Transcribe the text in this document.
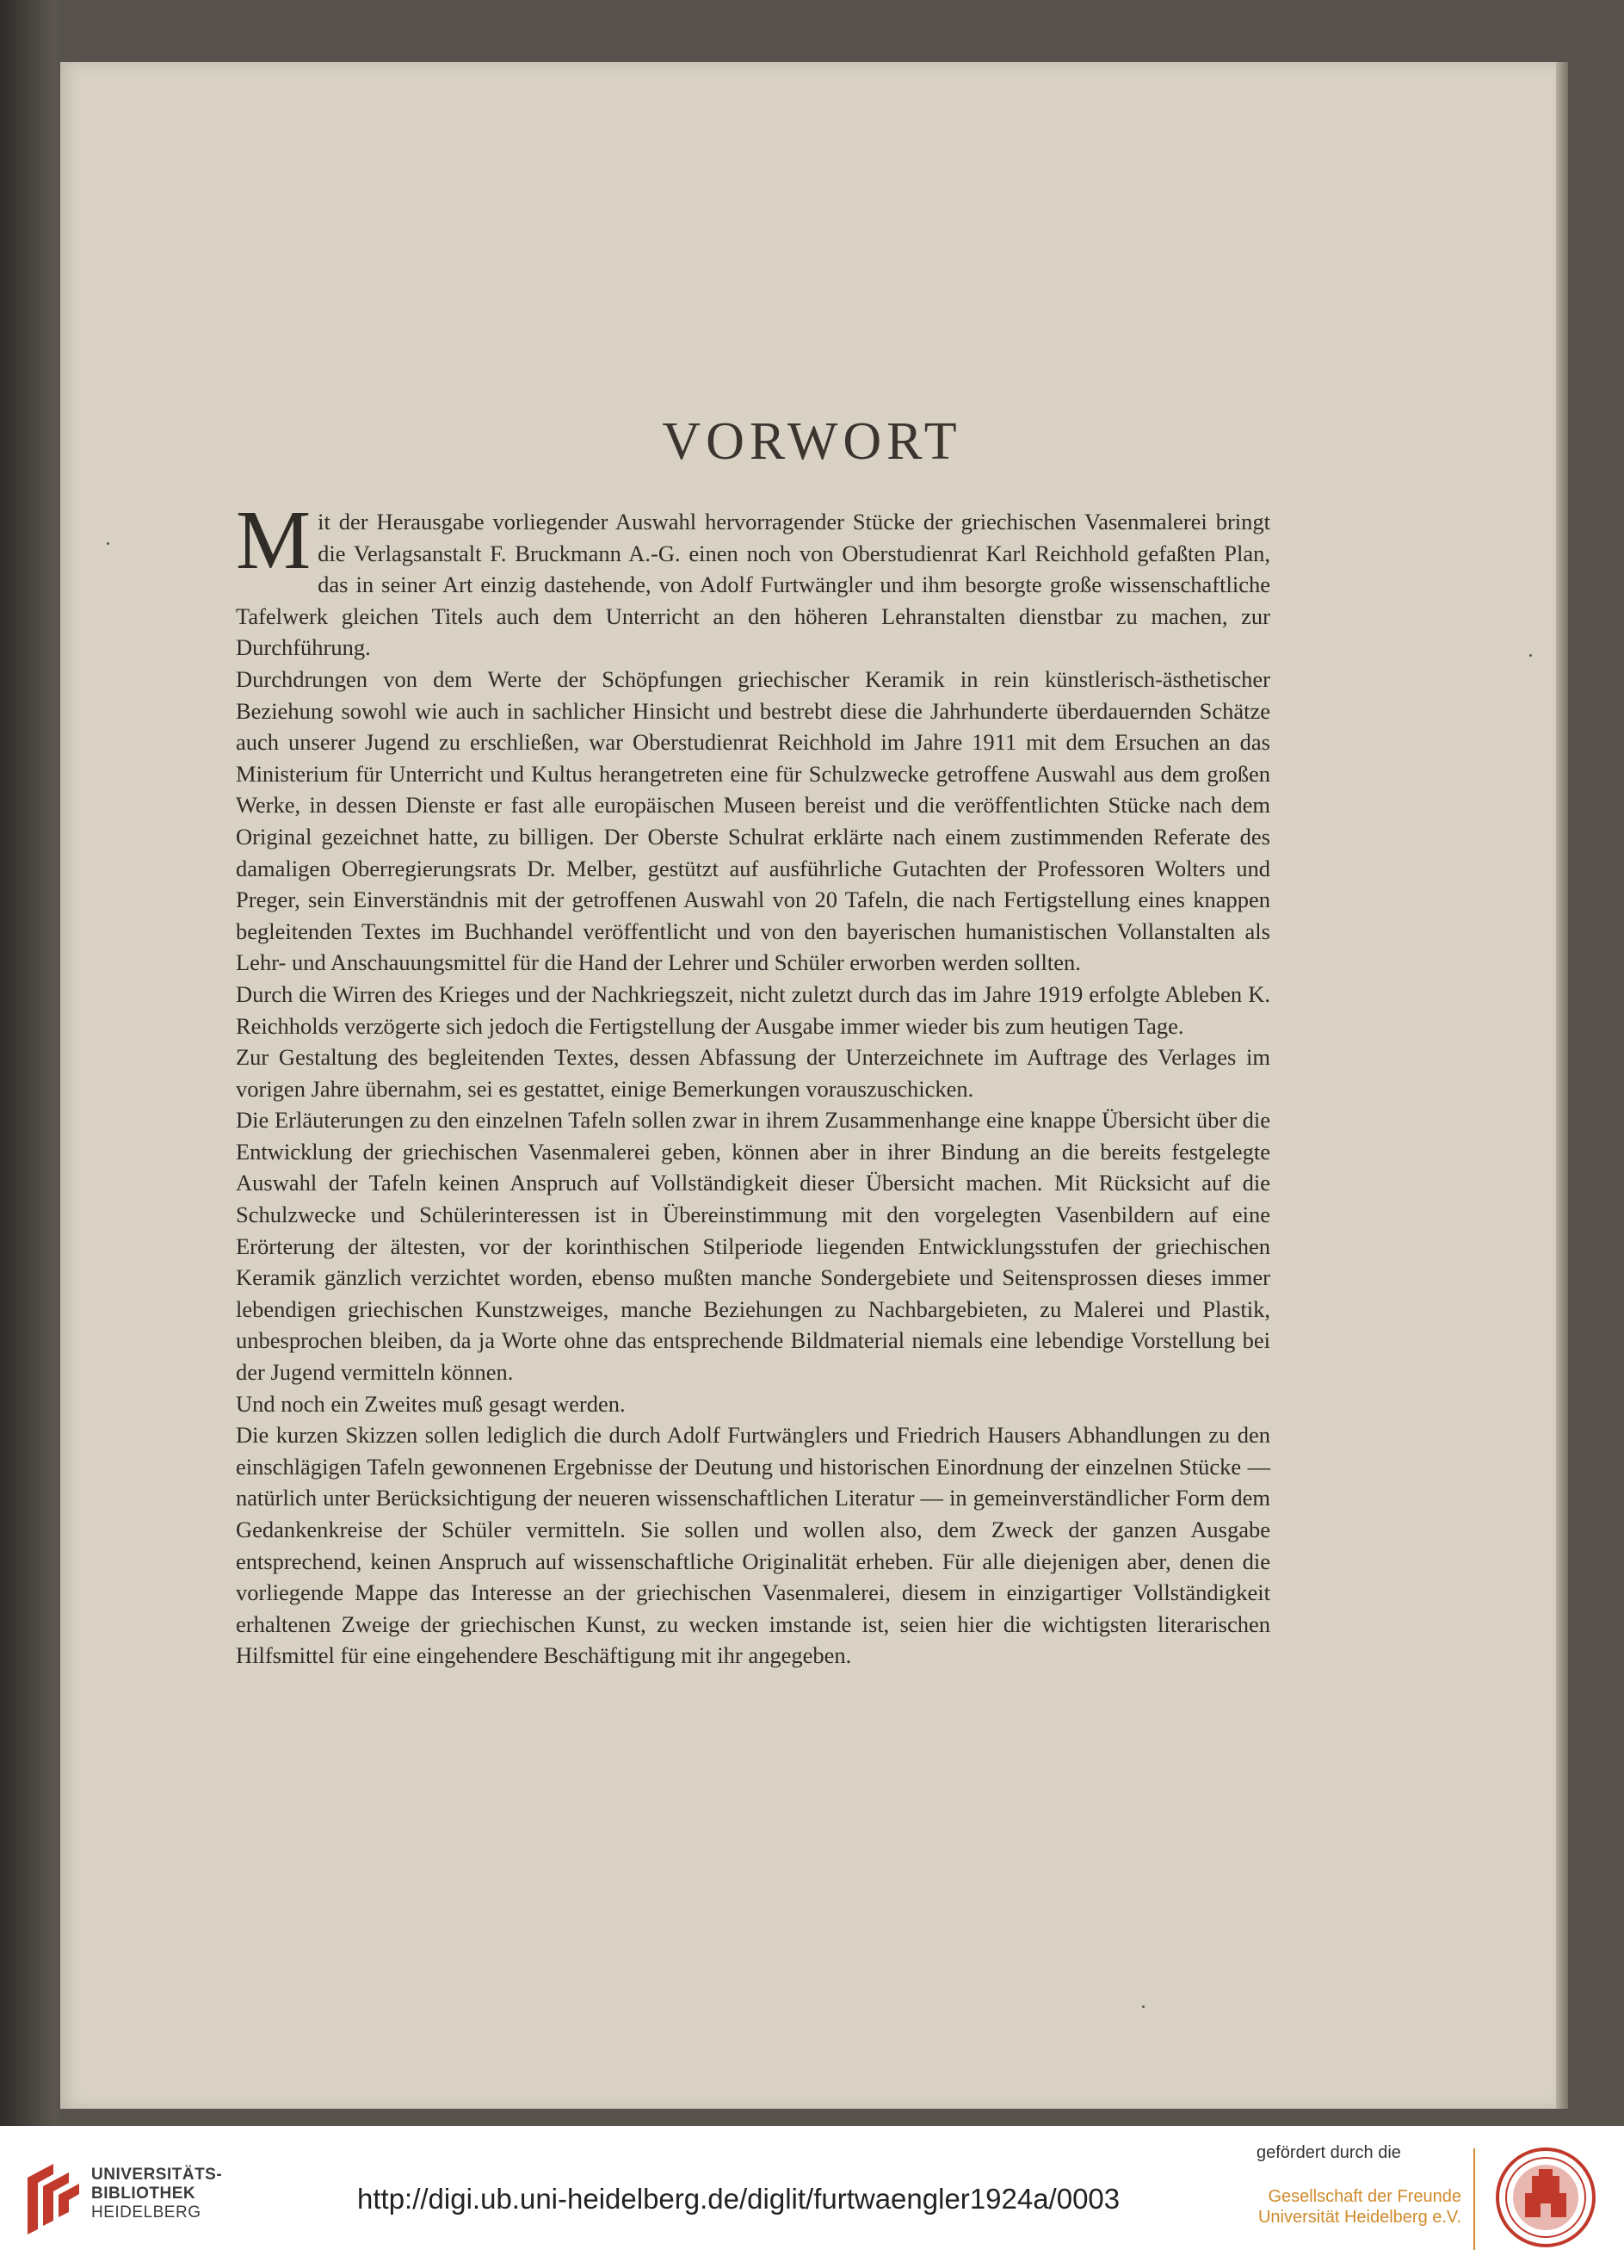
VORWORT

Mit der Herausgabe vorliegender Auswahl hervorragender Stücke der griechischen Vasenmalerei bringt die Verlagsanstalt F. Bruckmann A.-G. einen noch von Oberstudienrat Karl Reichhold gefaßten Plan, das in seiner Art einzig dastehende, von Adolf Furtwängler und ihm besorgte große wissenschaftliche Tafelwerk gleichen Titels auch dem Unterricht an den höheren Lehranstalten dienstbar zu machen, zur Durchführung.

Durchdrungen von dem Werte der Schöpfungen griechischer Keramik in rein künstlerisch-ästhetischer Beziehung sowohl wie auch in sachlicher Hinsicht und bestrebt diese die Jahrhunderte überdauernden Schätze auch unserer Jugend zu erschließen, war Oberstudienrat Reichhold im Jahre 1911 mit dem Ersuchen an das Ministerium für Unterricht und Kultus herangetreten eine für Schulzwecke getroffene Auswahl aus dem großen Werke, in dessen Dienste er fast alle europäischen Museen bereist und die veröffentlichten Stücke nach dem Original gezeichnet hatte, zu billigen. Der Oberste Schulrat erklärte nach einem zustimmenden Referate des damaligen Oberregierungsrats Dr. Melber, gestützt auf ausführliche Gutachten der Professoren Wolters und Preger, sein Einverständnis mit der getroffenen Auswahl von 20 Tafeln, die nach Fertigstellung eines knappen begleitenden Textes im Buchhandel veröffentlicht und von den bayerischen humanistischen Vollanstalten als Lehr- und Anschauungsmittel für die Hand der Lehrer und Schüler erworben werden sollten.

Durch die Wirren des Krieges und der Nachkriegszeit, nicht zuletzt durch das im Jahre 1919 erfolgte Ableben K. Reichholds verzögerte sich jedoch die Fertigstellung der Ausgabe immer wieder bis zum heutigen Tage.

Zur Gestaltung des begleitenden Textes, dessen Abfassung der Unterzeichnete im Auftrage des Verlages im vorigen Jahre übernahm, sei es gestattet, einige Bemerkungen vorauszuschicken.

Die Erläuterungen zu den einzelnen Tafeln sollen zwar in ihrem Zusammenhange eine knappe Übersicht über die Entwicklung der griechischen Vasenmalerei geben, können aber in ihrer Bindung an die bereits festgelegte Auswahl der Tafeln keinen Anspruch auf Vollständigkeit dieser Übersicht machen. Mit Rücksicht auf die Schulzwecke und Schülerinteressen ist in Übereinstimmung mit den vorgelegten Vasenbildern auf eine Erörterung der ältesten, vor der korinthischen Stilperiode liegenden Entwicklungsstufen der griechischen Keramik gänzlich verzichtet worden, ebenso mußten manche Sondergebiete und Seitensprossen dieses immer lebendigen griechischen Kunstzweiges, manche Beziehungen zu Nachbargebieten, zu Malerei und Plastik, unbesprochen bleiben, da ja Worte ohne das entsprechende Bildmaterial niemals eine lebendige Vorstellung bei der Jugend vermitteln können.

Und noch ein Zweites muß gesagt werden.

Die kurzen Skizzen sollen lediglich die durch Adolf Furtwänglers und Friedrich Hausers Abhandlungen zu den einschlägigen Tafeln gewonnenen Ergebnisse der Deutung und historischen Einordnung der einzelnen Stücke — natürlich unter Berücksichtigung der neueren wissenschaftlichen Literatur — in gemeinverständlicher Form dem Gedankenkreise der Schüler vermitteln. Sie sollen und wollen also, dem Zweck der ganzen Ausgabe entsprechend, keinen Anspruch auf wissenschaftliche Originalität erheben. Für alle diejenigen aber, denen die vorliegende Mappe das Interesse an der griechischen Vasenmalerei, diesem in einzigartiger Vollständigkeit erhaltenen Zweige der griechischen Kunst, zu wecken imstande ist, seien hier die wichtigsten literarischen Hilfsmittel für eine eingehendere Beschäftigung mit ihr angegeben.

UNIVERSITÄTS-
BIBLIOTHEK
HEIDELBERG	http://digi.ub.uni-heidelberg.de/diglit/furtwaengler1924a/0003
gefördert durch die
Gesellschaft der Freunde
Universität Heidelberg e.V.
